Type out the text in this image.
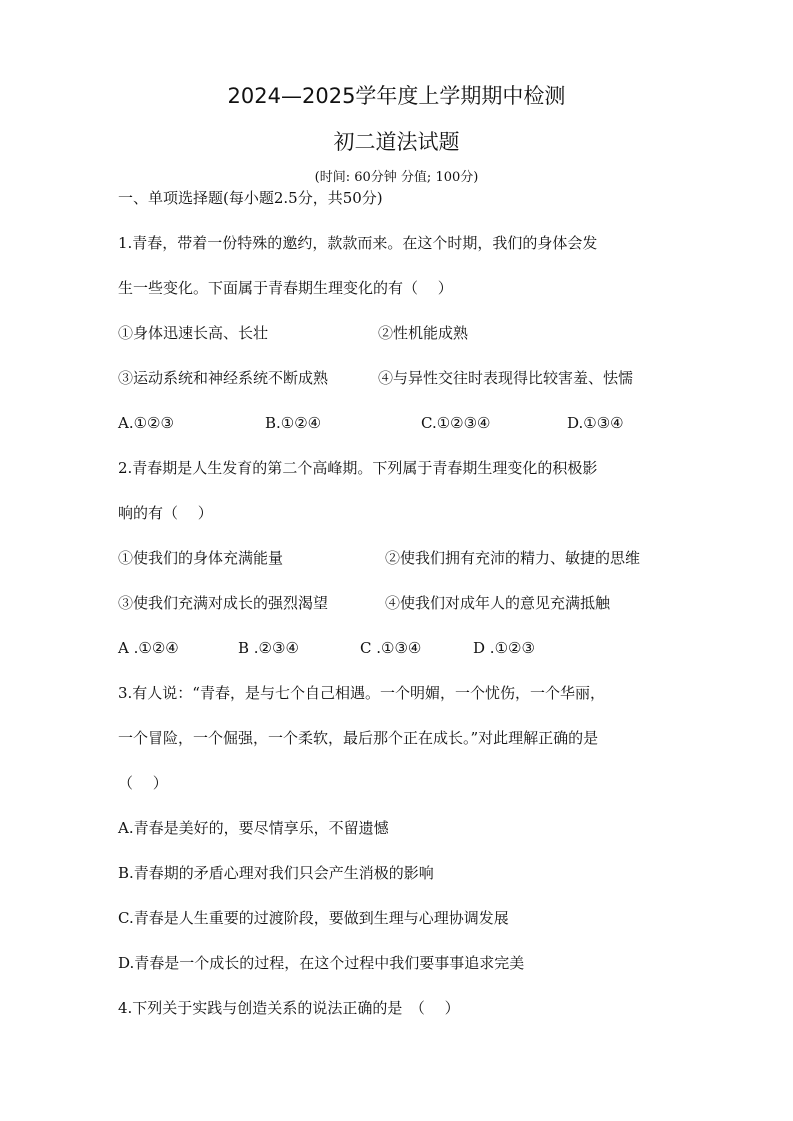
2024—2025学年度上学期期中检测
初二道法试题
(时间: 60分钟 分值; 100分)
一、单项选择题(每小题2.5分，共50分)
1.青春，带着一份特殊的邀约，款款而来。在这个时期，我们的身体会发
生一些变化。下面属于青春期生理变化的有（　 ）
①身体迅速长高、长壮	②性机能成熟
③运动系统和神经系统不断成熟	④与异性交往时表现得比较害羞、怯懦
A.①②③	B.①②④	C.①②③④	D.①③④
2.青春期是人生发育的第二个高峰期。下列属于青春期生理变化的积极影
响的有（　 ）
①使我们的身体充满能量	②使我们拥有充沛的精力、敏捷的思维
③使我们充满对成长的强烈渴望	④使我们对成年人的意见充满抵触
A .①②④	B .②③④	C .①③④	D .①②③
3.有人说：“青春，是与七个自己相遇。一个明媚，一个忧伤，一个华丽，
一个冒险，一个倔强，一个柔软，最后那个正在成长。”对此理解正确的是
（　 ）
A.青春是美好的，要尽情享乐，不留遗憾
B.青春期的矛盾心理对我们只会产生消极的影响
C.青春是人生重要的过渡阶段，要做到生理与心理协调发展
D.青春是一个成长的过程，在这个过程中我们要事事追求完美
4.下列关于实践与创造关系的说法正确的是　（　 ）
